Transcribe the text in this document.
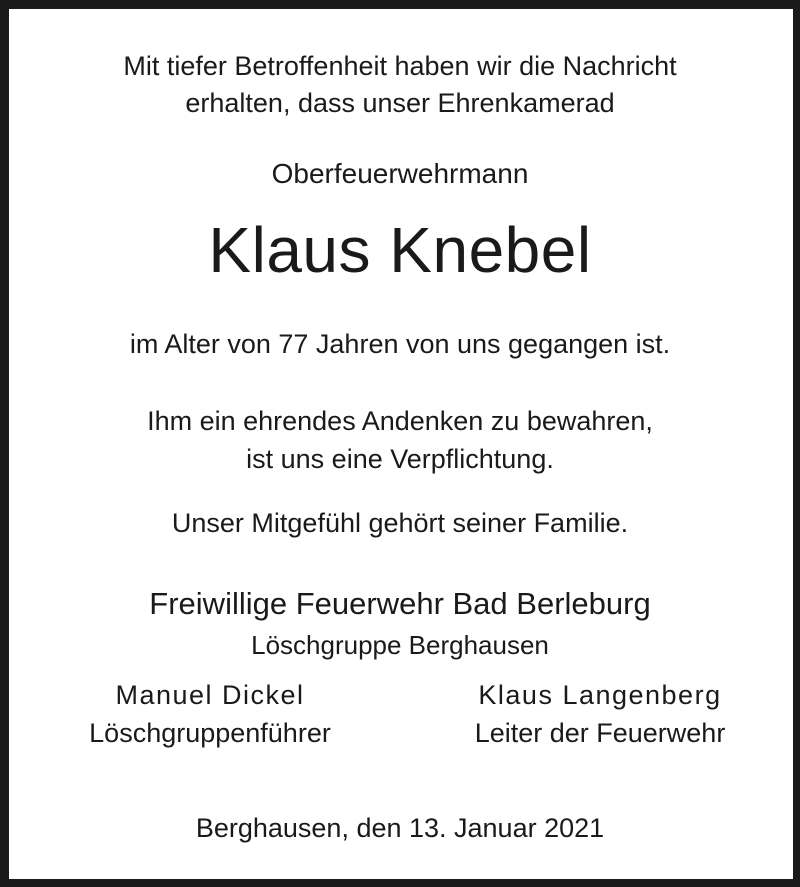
Mit tiefer Betroffenheit haben wir die Nachricht
erhalten, dass unser Ehrenkamerad
Oberfeuerwehrmann
Klaus Knebel
im Alter von 77 Jahren von uns gegangen ist.
Ihm ein ehrendes Andenken zu bewahren,
ist uns eine Verpflichtung.
Unser Mitgefühl gehört seiner Familie.
Freiwillige Feuerwehr Bad Berleburg
Löschgruppe Berghausen
Manuel Dickel
Löschgruppenführer
Klaus Langenberg
Leiter der Feuerwehr
Berghausen, den 13. Januar 2021
